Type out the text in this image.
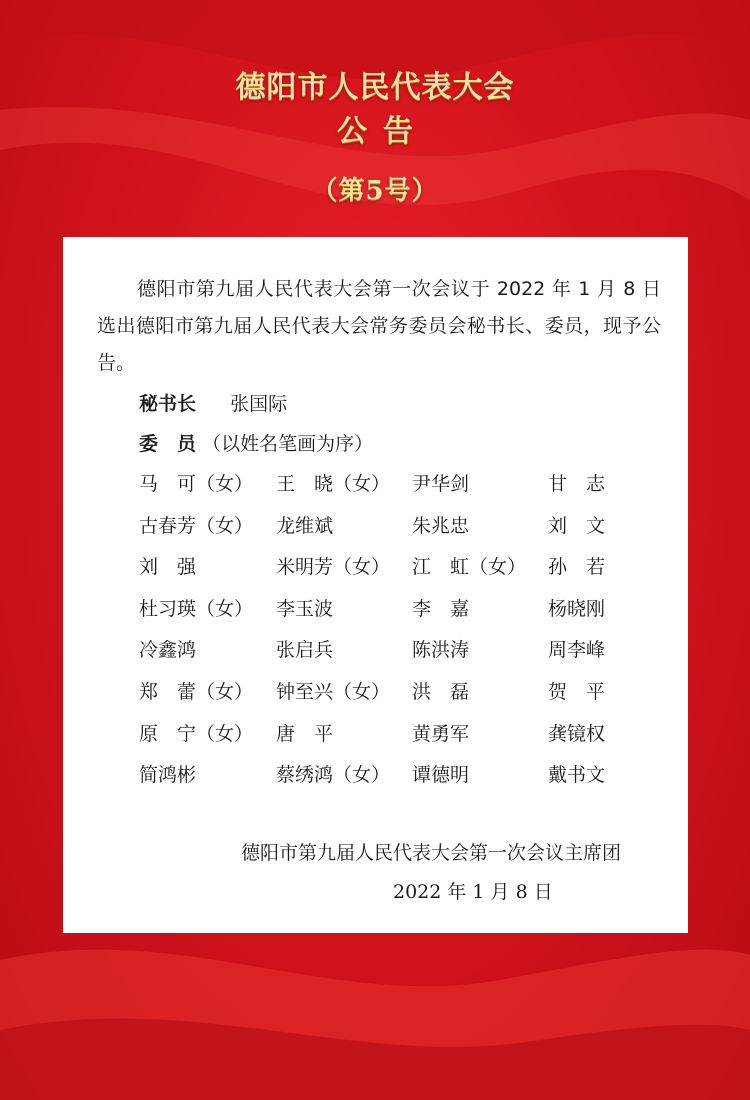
德阳市人民代表大会
公告
（第5号）
德阳市第九届人民代表大会第一次会议于 2022 年 1 月 8 日选出德阳市第九届人民代表大会常务委员会秘书长、委员，现予公告。
秘书长 张国际
委　员 （以姓名笔画为序）
马　可（女） 王　晓（女） 尹华剑	甘　志
古春芳（女） 龙维斌	朱兆忠	刘　文
刘　强	米明芳（女） 江　虹（女） 孙　若
杜习瑛（女） 李玉波	李　嘉	杨晓刚
冷鑫鸿	张启兵	陈洪涛	周李峰
郑　蕾（女） 钟至兴（女） 洪　磊	贺　平
原　宁（女） 唐　平	黄勇军	龚镜权
简鸿彬	蔡绣鸿（女） 谭德明	戴书文
德阳市第九届人民代表大会第一次会议主席团
2022 年 1 月 8 日
